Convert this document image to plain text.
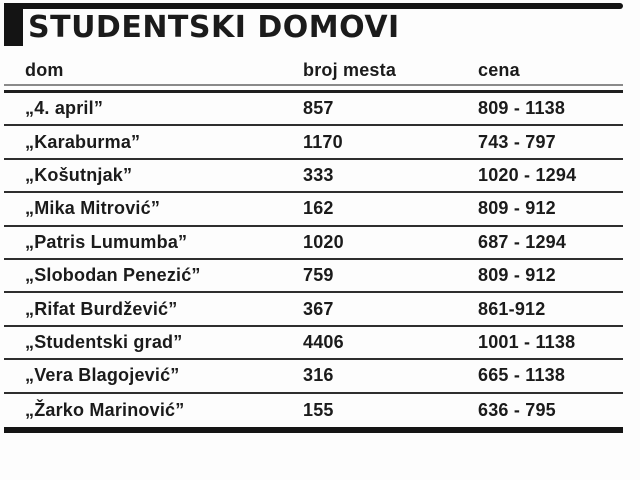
STUDENTSKI DOMOVI
dom	broj mesta	cena
„4. april”	857	809 - 1138
„Karaburma”	1170	743 - 797
„Košutnjak”	333	1020 - 1294
„Mika Mitrović”	162	809 - 912
„Patris Lumumba”	1020	687 - 1294
„Slobodan Penezić”	759	809 - 912
„Rifat Burdžević”	367	861-912
„Studentski grad”	4406	1001 - 1138
„Vera Blagojević”	316	665 - 1138
„Žarko Marinović”	155	636 - 795
